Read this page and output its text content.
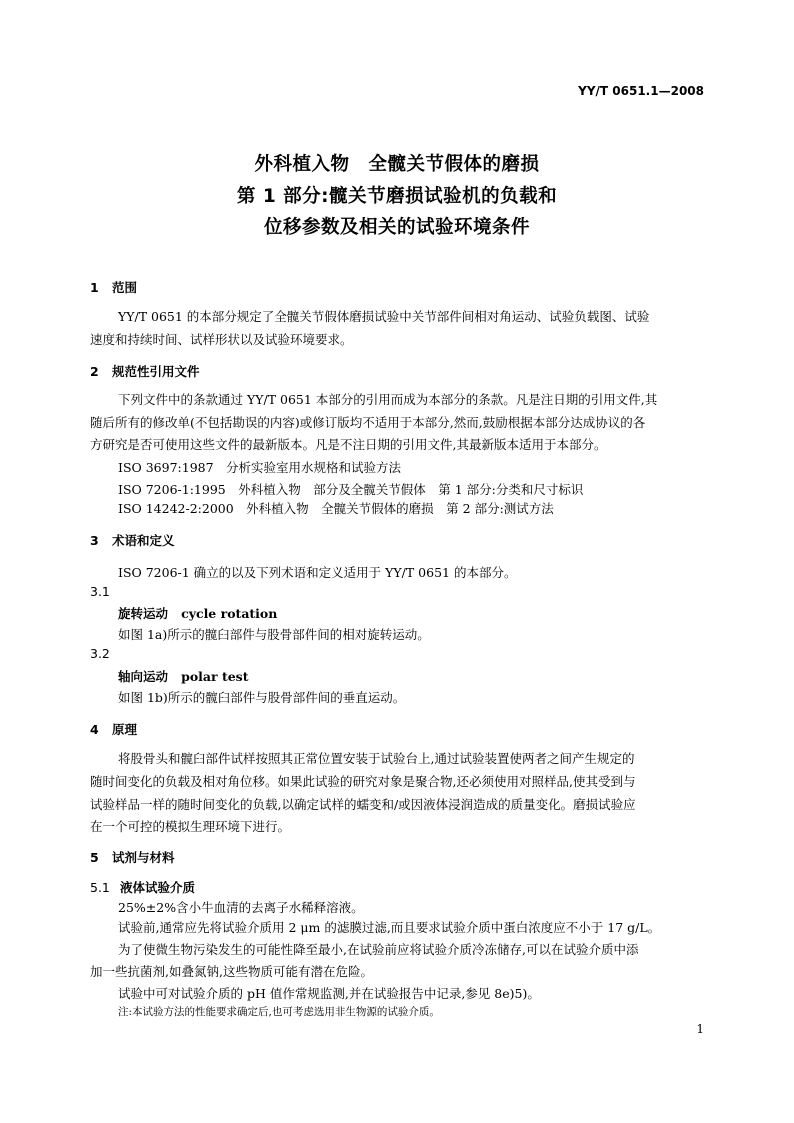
YY/T 0651.1—2008
外科植入物　全髋关节假体的磨损
第 1 部分:髋关节磨损试验机的负载和
位移参数及相关的试验环境条件
1 范围
YY/T 0651 的本部分规定了全髋关节假体磨损试验中关节部件间相对角运动、试验负载图、试验
速度和持续时间、试样形状以及试验环境要求。
2 规范性引用文件
下列文件中的条款通过 YY/T 0651 本部分的引用而成为本部分的条款。凡是注日期的引用文件,其
随后所有的修改单(不包括勘误的内容)或修订版均不适用于本部分,然而,鼓励根据本部分达成协议的各
方研究是否可使用这些文件的最新版本。凡是不注日期的引用文件,其最新版本适用于本部分。
ISO 3697:1987　分析实验室用水规格和试验方法
ISO 7206-1:1995　外科植入物　部分及全髋关节假体　第 1 部分:分类和尺寸标识
ISO 14242-2:2000　外科植入物　全髋关节假体的磨损　第 2 部分:测试方法
3 术语和定义
ISO 7206-1 确立的以及下列术语和定义适用于 YY/T 0651 的本部分。
3.1
旋转运动 cycle rotation
如图 1a)所示的髋臼部件与股骨部件间的相对旋转运动。
3.2
轴向运动 polar test
如图 1b)所示的髋臼部件与股骨部件间的垂直运动。
4 原理
将股骨头和髋臼部件试样按照其正常位置安装于试验台上,通过试验装置使两者之间产生规定的
随时间变化的负载及相对角位移。如果此试验的研究对象是聚合物,还必须使用对照样品,使其受到与
试验样品一样的随时间变化的负载,以确定试样的蠕变和/或因液体浸润造成的质量变化。磨损试验应
在一个可控的模拟生理环境下进行。
5 试剂与材料
5.1 液体试验介质
25%±2%含小牛血清的去离子水稀释溶液。
试验前,通常应先将试验介质用 2 μm 的滤膜过滤,而且要求试验介质中蛋白浓度应不小于 17 g/L。
为了使微生物污染发生的可能性降至最小,在试验前应将试验介质冷冻储存,可以在试验介质中添
加一些抗菌剂,如叠氮钠,这些物质可能有潜在危险。
试验中可对试验介质的 pH 值作常规监测,并在试验报告中记录,参见 8e)5)。
注:本试验方法的性能要求确定后,也可考虑选用非生物源的试验介质。
1
